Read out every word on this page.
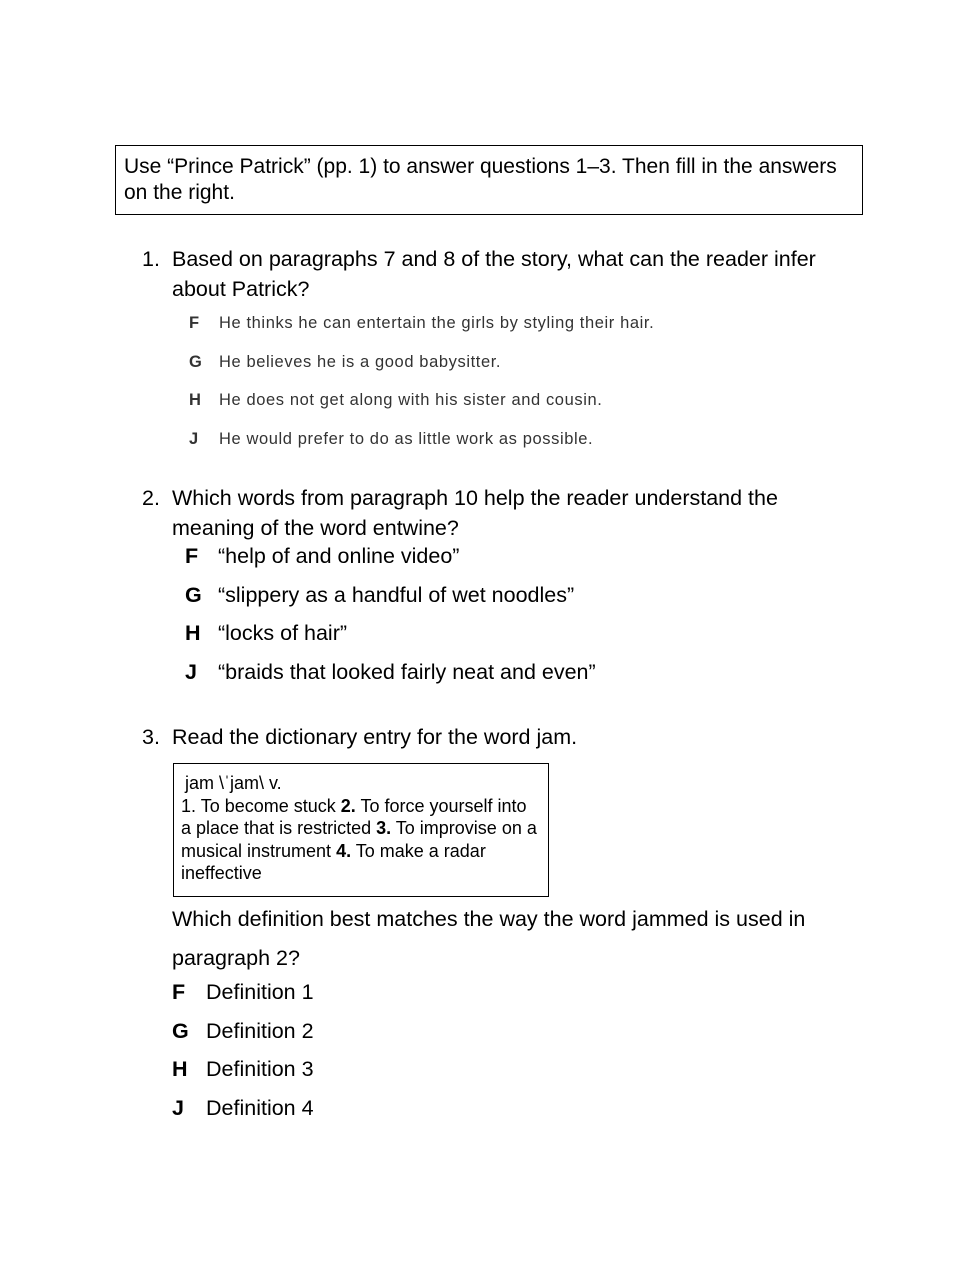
Use “Prince Patrick” (pp. 1) to answer questions 1–3. Then fill in the answers on the right.
1. Based on paragraphs 7 and 8 of the story, what can the reader infer about Patrick?
F	He thinks he can entertain the girls by styling their hair.
G	He believes he is a good babysitter.
H	He does not get along with his sister and cousin.
J	He would prefer to do as little work as possible.
2. Which words from paragraph 10 help the reader understand the meaning of the word entwine?
F “help of and online video”
G “slippery as a handful of wet noodles”
H “locks of hair”
J “braids that looked fairly neat and even”
3. Read the dictionary entry for the word jam.
jam \ˈjam\ v.
1. To become stuck 2. To force yourself into a place that is restricted 3. To improvise on a musical instrument 4. To make a radar ineffective
Which definition best matches the way the word jammed is used in paragraph 2?
F Definition 1
G Definition 2
H Definition 3
J	Definition 4
